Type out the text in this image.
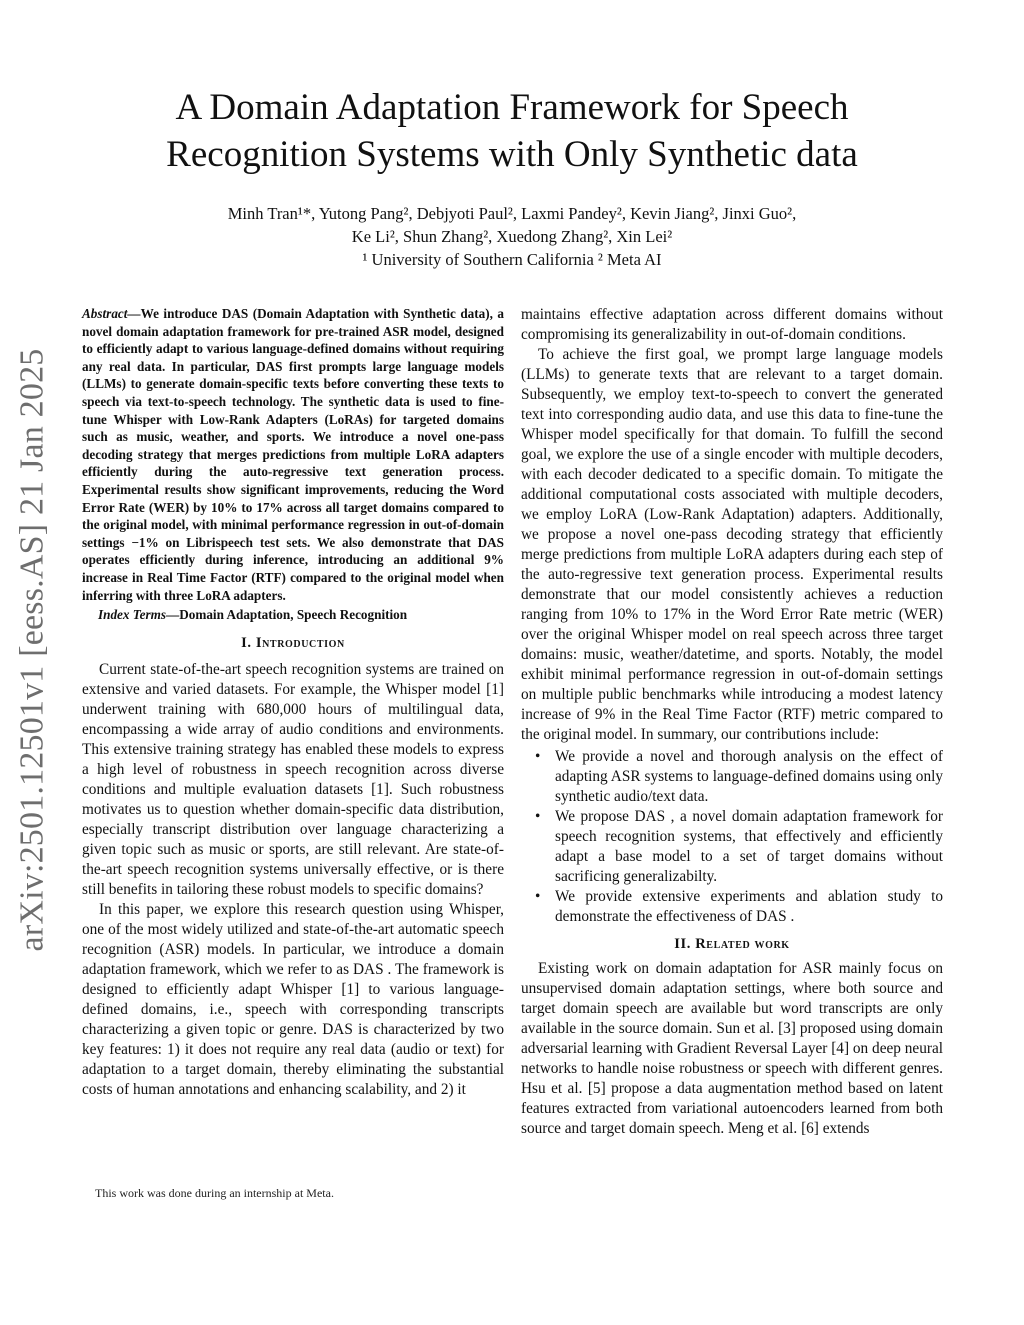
arXiv:2501.12501v1 [eess.AS] 21 Jan 2025
A Domain Adaptation Framework for Speech
Recognition Systems with Only Synthetic data
Minh Tran¹*, Yutong Pang², Debjyoti Paul², Laxmi Pandey², Kevin Jiang², Jinxi Guo²,
Ke Li², Shun Zhang², Xuedong Zhang², Xin Lei²
¹ University of Southern California ² Meta AI

Abstract—We introduce DAS (Domain Adaptation with Synthetic data), a novel domain adaptation framework for pre-trained ASR model, designed to efficiently adapt to various language-defined domains without requiring any real data. In particular, DAS first prompts large language models (LLMs) to generate domain-specific texts before converting these texts to speech via text-to-speech technology. The synthetic data is used to fine-tune Whisper with Low-Rank Adapters (LoRAs) for targeted domains such as music, weather, and sports. We introduce a novel one-pass decoding strategy that merges predictions from multiple LoRA adapters efficiently during the auto-regressive text generation process. Experimental results show significant improvements, reducing the Word Error Rate (WER) by 10% to 17% across all target domains compared to the original model, with minimal performance regression in out-of-domain settings −1% on Librispeech test sets. We also demonstrate that DAS operates efficiently during inference, introducing an additional 9% increase in Real Time Factor (RTF) compared to the original model when inferring with three LoRA adapters.

Index Terms—Domain Adaptation, Speech Recognition

I. Introduction

Current state-of-the-art speech recognition systems are trained on extensive and varied datasets. For example, the Whisper model [1] underwent training with 680,000 hours of multilingual data, encompassing a wide array of audio conditions and environments. This extensive training strategy has enabled these models to express a high level of robustness in speech recognition across diverse conditions and multiple evaluation datasets [1]. Such robustness motivates us to question whether domain-specific data distribution, especially transcript distribution over language characterizing a given topic such as music or sports, are still relevant. Are state-of-the-art speech recognition systems universally effective, or is there still benefits in tailoring these robust models to specific domains?

In this paper, we explore this research question using Whisper, one of the most widely utilized and state-of-the-art automatic speech recognition (ASR) models. In particular, we introduce a domain adaptation framework, which we refer to as DAS . The framework is designed to efficiently adapt Whisper [1] to various language-defined domains, i.e., speech with corresponding transcripts characterizing a given topic or genre. DAS is characterized by two key features: 1) it does not require any real data (audio or text) for adaptation to a target domain, thereby eliminating the substantial costs of human annotations and enhancing scalability, and 2) it

This work was done during an internship at Meta.

maintains effective adaptation across different domains without compromising its generalizability in out-of-domain conditions.

To achieve the first goal, we prompt large language models (LLMs) to generate texts that are relevant to a target domain. Subsequently, we employ text-to-speech to convert the generated text into corresponding audio data, and use this data to fine-tune the Whisper model specifically for that domain. To fulfill the second goal, we explore the use of a single encoder with multiple decoders, with each decoder dedicated to a specific domain. To mitigate the additional computational costs associated with multiple decoders, we employ LoRA (Low-Rank Adaptation) adapters. Additionally, we propose a novel one-pass decoding strategy that efficiently merge predictions from multiple LoRA adapters during each step of the auto-regressive text generation process. Experimental results demonstrate that our model consistently achieves a reduction ranging from 10% to 17% in the Word Error Rate metric (WER) over the original Whisper model on real speech across three target domains: music, weather/datetime, and sports. Notably, the model exhibit minimal performance regression in out-of-domain settings on multiple public benchmarks while introducing a modest latency increase of 9% in the Real Time Factor (RTF) metric compared to the original model. In summary, our contributions include:

• We provide a novel and thorough analysis on the effect of adapting ASR systems to language-defined domains using only synthetic audio/text data.
• We propose DAS , a novel domain adaptation framework for speech recognition systems, that effectively and efficiently adapt a base model to a set of target domains without sacrificing generalizabilty.
• We provide extensive experiments and ablation study to demonstrate the effectiveness of DAS .
II. Related work

Existing work on domain adaptation for ASR mainly focus on unsupervised domain adaptation settings, where both source and target domain speech are available but word transcripts are only available in the source domain. Sun et al. [3] proposed using domain adversarial learning with Gradient Reversal Layer [4] on deep neural networks to handle noise robustness or speech with different genres. Hsu et al. [5] propose a data augmentation method based on latent features extracted from variational autoencoders learned from both source and target domain speech. Meng et al. [6] extends
